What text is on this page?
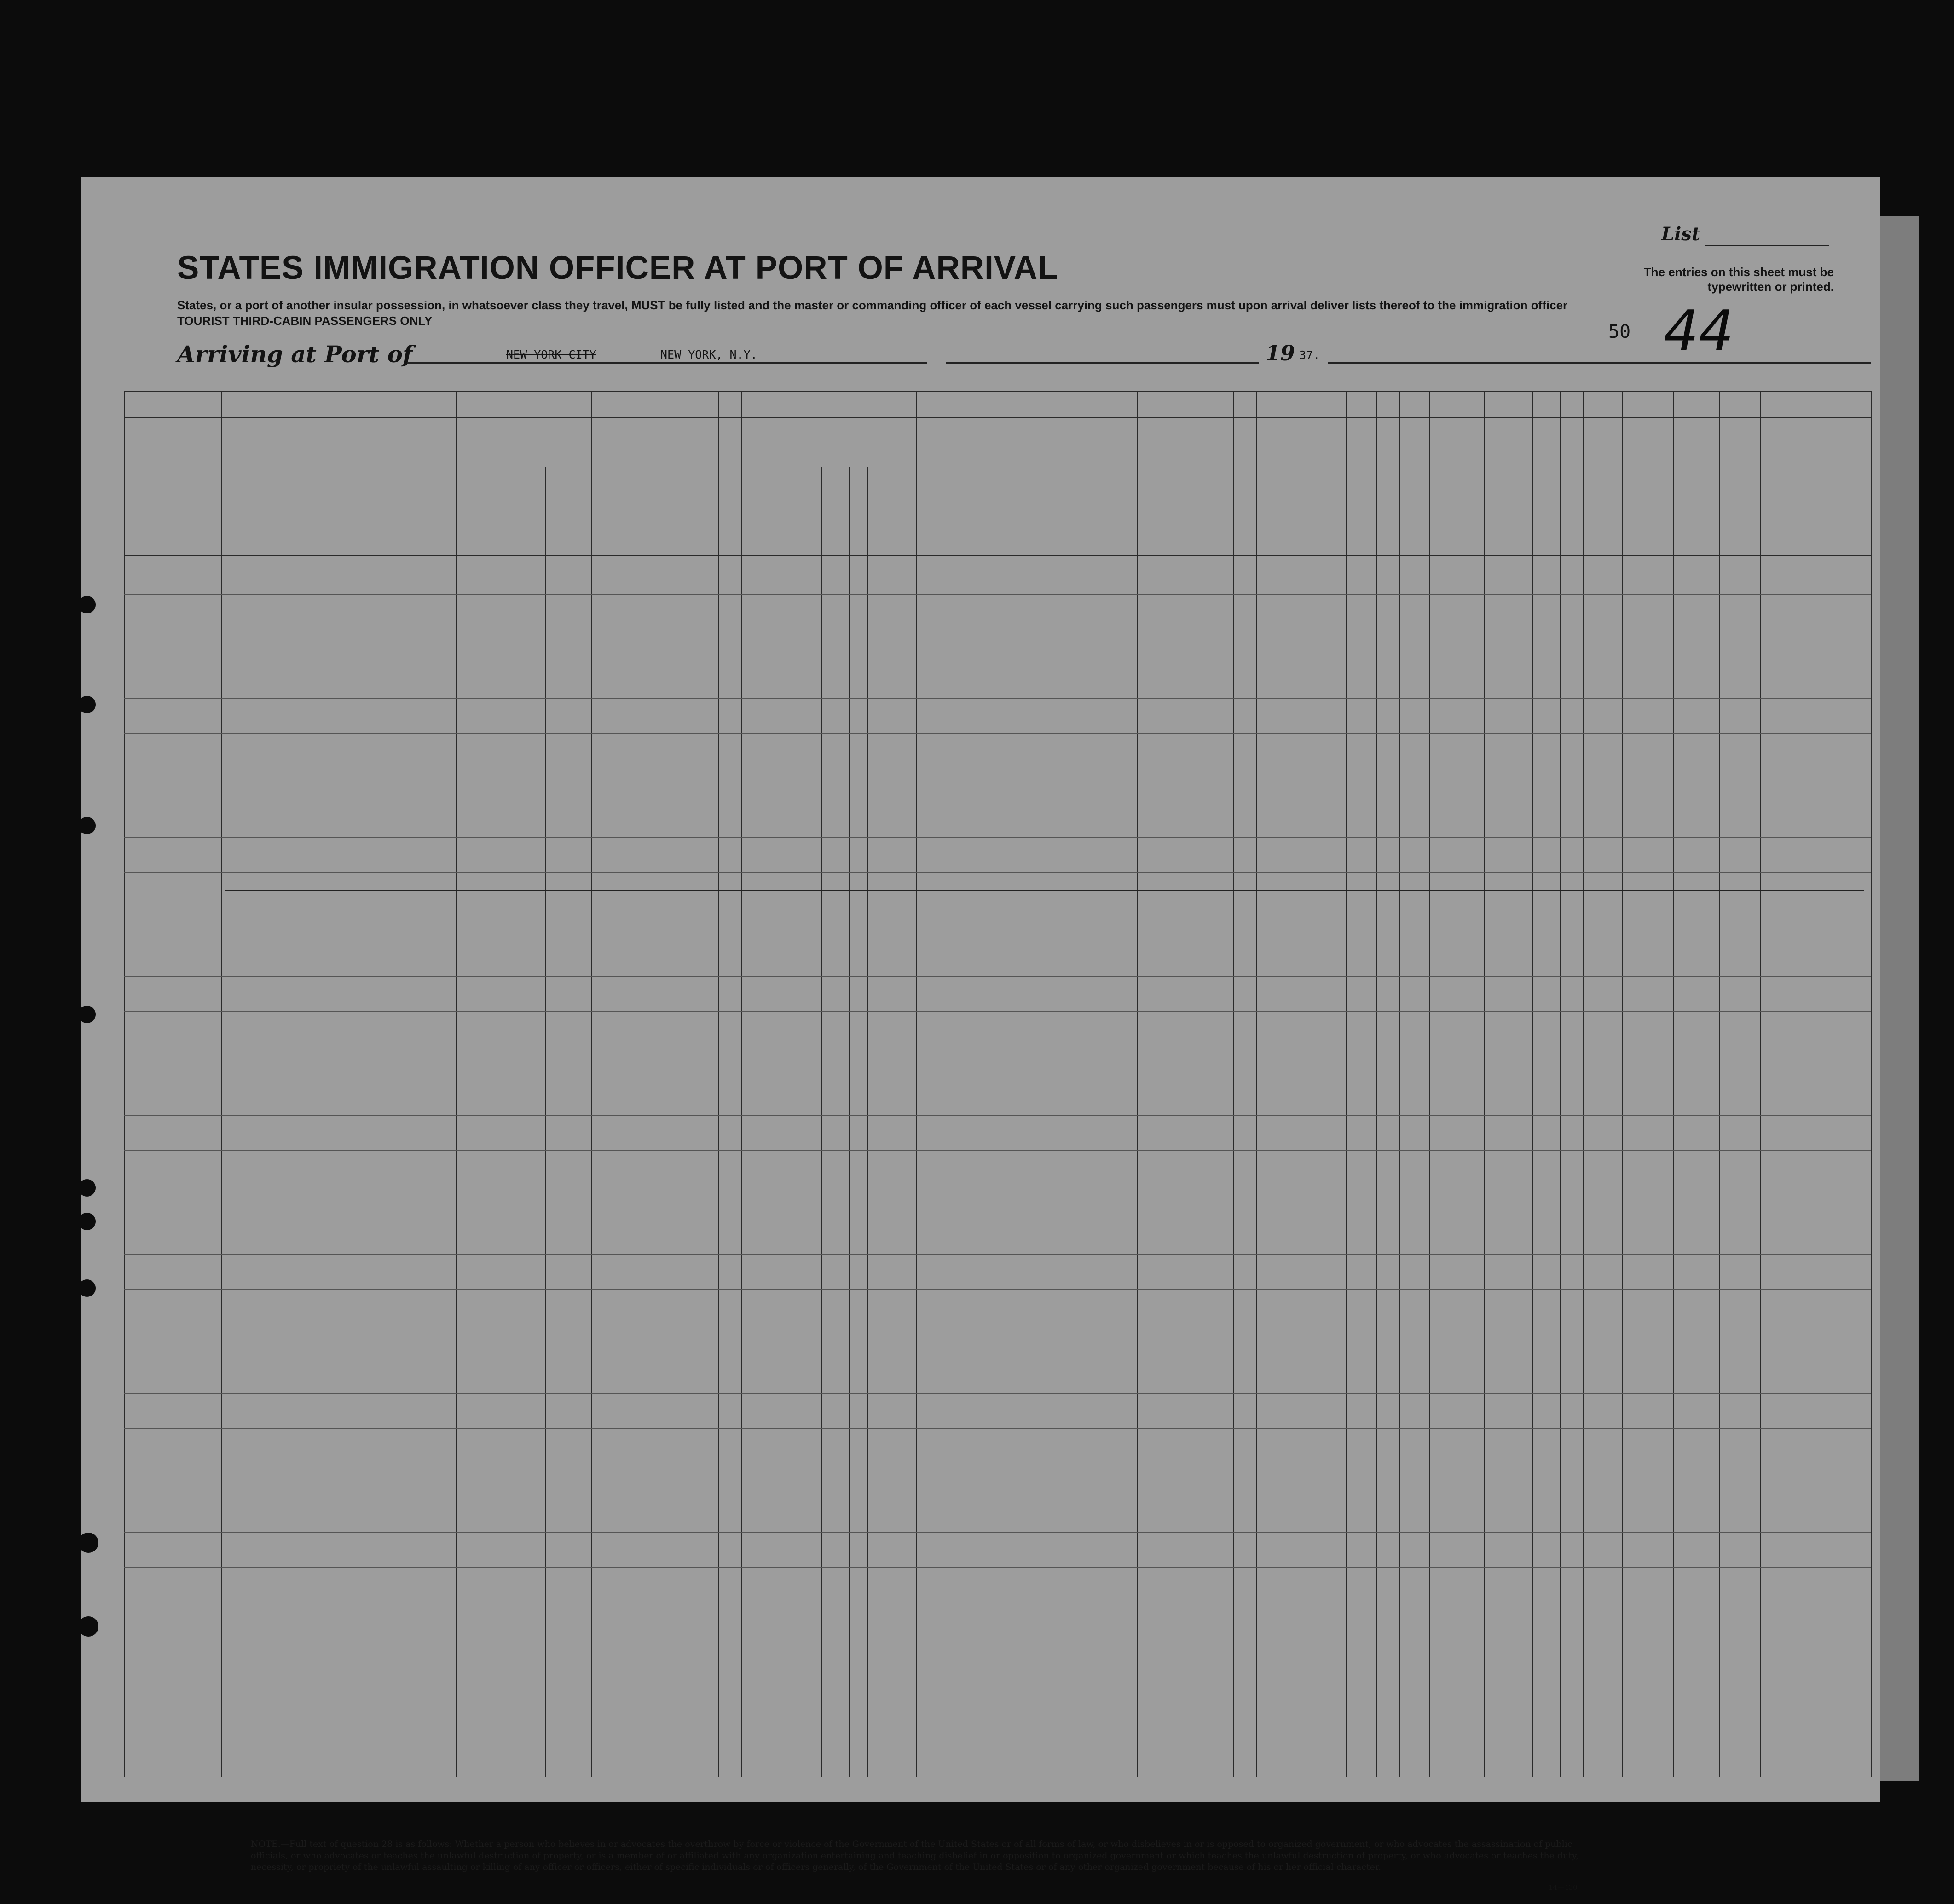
STATES IMMIGRATION OFFICER AT PORT OF ARRIVAL
States, or a port of another insular possession, in whatsoever class they travel, MUST be fully listed and the master or commanding officer of each vessel carrying such passengers must upon arrival deliver lists thereof to the immigration officer
TOURIST THIRD-CABIN PASSENGERS ONLY
Arriving at Port of	NEW YORK CITY	NEW YORK, N.Y.	19 37.
List
The entries on this sheet must be typewritten or printed.
50 44
NOTE.—Full text of question 28 is as follows: Whether a person who believes in or advocates the overthrow by force or violence of the Government of the United States or of all forms of law, or who disbelieves in or is opposed to organized government, or who advocates the assassination of public officials, or who advocates or teaches the unlawful destruction of property, or is a member of or affiliated with any organization entertaining and teaching disbelief in or opposition to organized government or which teaches the unlawful destruction of property, or who advocates or teaches the duty, necessity, or propriety of the unlawful assaulting or killing of any officer or officers, either of specific individuals or of officers generally, of the Government of the United States or of any other organized government because of his or her official character.
14—430
